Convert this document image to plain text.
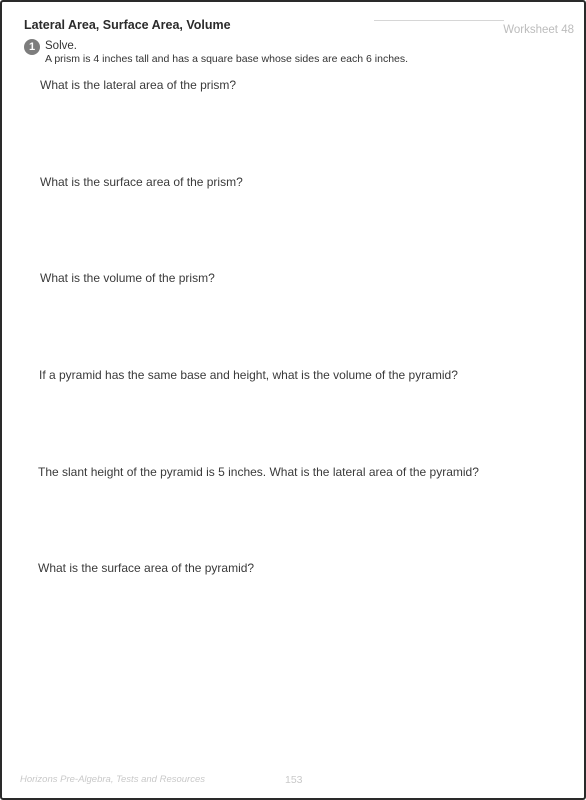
Lateral Area, Surface Area, Volume	Worksheet 48
1 Solve.
A prism is 4 inches tall and has a square base whose sides are each 6 inches.
What is the lateral area of the prism?
What is the surface area of the prism?
What is the volume of the prism?
If a pyramid has the same base and height, what is the volume of the pyramid?
The slant height of the pyramid is 5 inches. What is the lateral area of the pyramid?
What is the surface area of the pyramid?
Horizons Pre-Algebra, Tests and Resources	153
